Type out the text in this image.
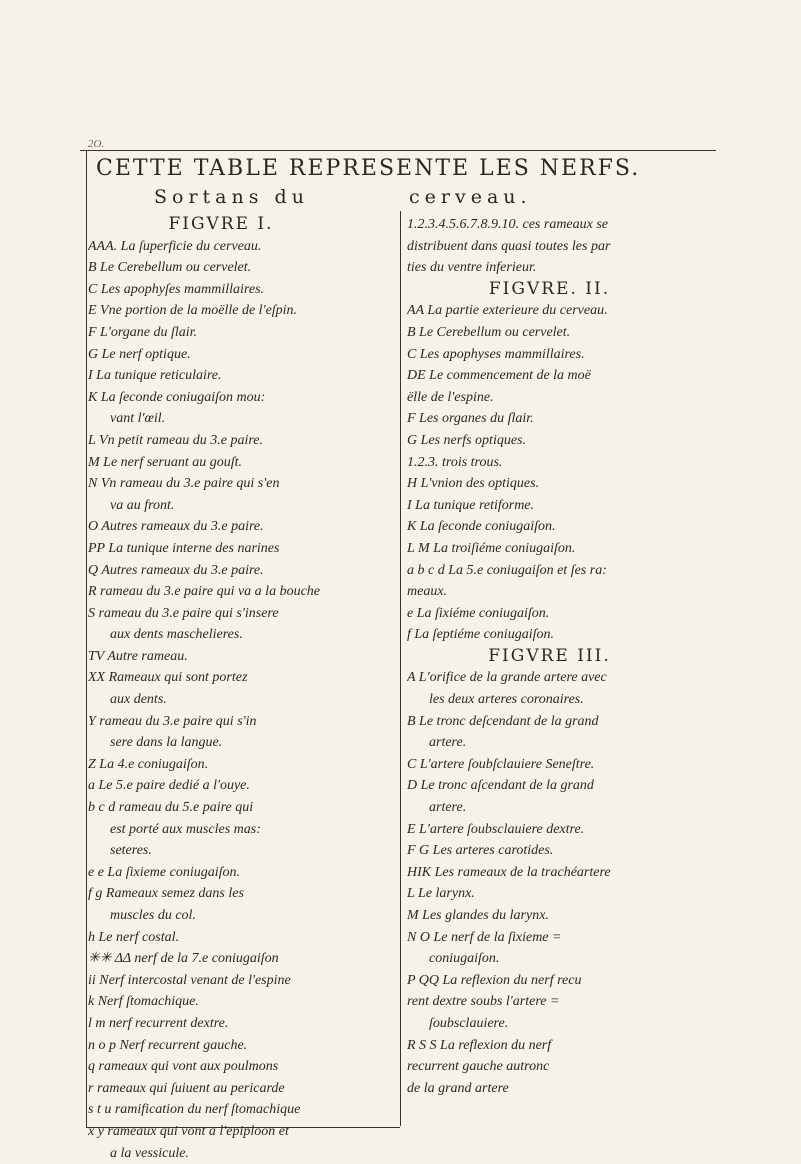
2O.
CETTE TABLE REPRESENTE LES NERFS.
Sortans du	cerveau.
FIGVRE I.
AAA. La ſuperficie du cerveau.
B Le Cerebellum ou cervelet.
C Les apophyſes mammillaires.
E Vne portion de la moëlle de l'eſpin.
F L'organe du ſlair.
G Le nerf optique.
I La tunique reticulaire.
K La ſeconde coniugaiſon mou:
vant l'œil.
L Vn petit rameau du 3.e paire.
M Le nerf seruant au gouſt.
N Vn rameau du 3.e paire qui s'en
va au front.
O Autres rameaux du 3.e paire.
PP La tunique interne des narines
Q Autres rameaux du 3.e paire.
R rameau du 3.e paire qui va a la bouche
S rameau du 3.e paire qui s'insere
aux dents maschelieres.
TV Autre rameau.
XX Rameaux qui sont portez
aux dents.
Y rameau du 3.e paire qui s'in
sere dans la langue.
Z La 4.e coniugaiſon.
a Le 5.e paire dedié a l'ouye.
b c d rameau du 5.e paire qui
est porté aux muscles mas:
seteres.
e e La ſixieme coniugaiſon.
f g Rameaux semez dans les
muscles du col.
h Le nerf costal.
✳✳ ΔΔ nerf de la 7.e coniugaiſon
ii Nerf intercostal venant de l'espine
k Nerf ſtomachique.
l m nerf recurrent dextre.
n o p Nerf recurrent gauche.
q rameaux qui vont aux poulmons
r rameaux qui ſuiuent au pericarde
s t u ramification du nerf ſtomachique
x y rameaux qui vont a l'epiploon et
a la vessicule.
1.2.3.4.5.6.7.8.9.10. ces rameaux se
distribuent dans quasi toutes les par
ties du ventre inferieur.
FIGVRE. II.
AA La partie exterieure du cerveau.
B Le Cerebellum ou cervelet.
C Les apophyses mammillaires.
DE Le commencement de la moë
ëlle de l'espine.
F Les organes du ſlair.
G Les nerfs optiques.
1.2.3. trois trous.
H L'vnion des optiques.
I La tunique retiforme.
K La ſeconde coniugaiſon.
L M La troiſiéme coniugaiſon.
a b c d La 5.e coniugaiſon et ſes ra:
meaux.
e La ſixiéme coniugaiſon.
f La ſeptiéme coniugaiſon.
FIGVRE III.
A L'orifice de la grande artere avec
les deux arteres coronaires.
B Le tronc deſcendant de la grand
artere.
C L'artere ſoubſclauiere Seneſtre.
D Le tronc aſcendant de la grand
artere.
E L'artere ſoubsclauiere dextre.
F G Les arteres carotides.
HIK Les rameaux de la trachéartere
L Le larynx.
M Les glandes du larynx.
N O Le nerf de la ſixieme =
coniugaiſon.
P QQ La reflexion du nerf recu
rent dextre soubs l'artere =
ſoubsclauiere.
R S S La reflexion du nerf
recurrent gauche autronc
de la grand artere
